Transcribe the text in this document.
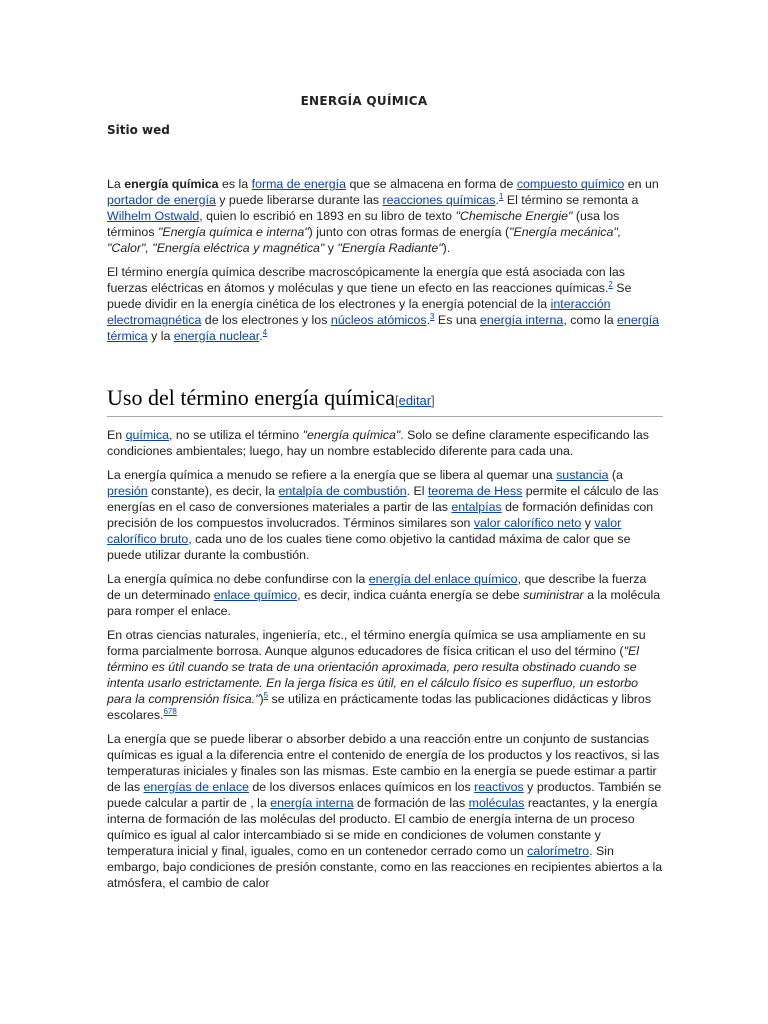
ENERGÍA QUÍMICA
Sitio wed

La energía química es la forma de energía que se almacena en forma de compuesto químico en un portador de energía y puede liberarse durante las reacciones químicas.$^1$ El término se remonta a Wilhelm Ostwald, quien lo escribió en 1893 en su libro de texto "Chemische Energie" (usa los términos "Energía química e interna") junto con otras formas de energía ("Energía mecánica", "Calor", "Energía eléctrica y magnética" y "Energía Radiante").

El término energía química describe macroscópicamente la energía que está asociada con las fuerzas eléctricas en átomos y moléculas y que tiene un efecto en las reacciones químicas.$^2$ Se puede dividir en la energía cinética de los electrones y la energía potencial de la interacción electromagnética de los electrones y los núcleos atómicos.$^3$ Es una energía interna, como la energía térmica y la energía nuclear.$^4$

Uso del término energía química[editar]

En química, no se utiliza el término "energía química". Solo se define claramente especificando las condiciones ambientales; luego, hay un nombre establecido diferente para cada una.

La energía química a menudo se refiere a la energía que se libera al quemar una sustancia (a presión constante), es decir, la entalpía de combustión. El teorema de Hess permite el cálculo de las energías en el caso de conversiones materiales a partir de las entalpías de formación definidas con precisión de los compuestos involucrados. Términos similares son valor calorífico neto y valor calorífico bruto, cada uno de los cuales tiene como objetivo la cantidad máxima de calor que se puede utilizar durante la combustión.

La energía química no debe confundirse con la energía del enlace químico, que describe la fuerza de un determinado enlace químico, es decir, indica cuánta energía se debe suministrar a la molécula para romper el enlace.

En otras ciencias naturales, ingeniería, etc., el término energía química se usa ampliamente en su forma parcialmente borrosa. Aunque algunos educadores de física critican el uso del término ("El término es útil cuando se trata de una orientación aproximada, pero resulta obstinado cuando se intenta usarlo estrictamente. En la jerga física es útil, en el cálculo físico es superfluo, un estorbo para la comprensión física.")$^5$ se utiliza en prácticamente todas las publicaciones didácticas y libros escolares.$^{678}$

La energía que se puede liberar o absorber debido a una reacción entre un conjunto de sustancias químicas es igual a la diferencia entre el contenido de energía de los productos y los reactivos, si las temperaturas iniciales y finales son las mismas. Este cambio en la energía se puede estimar a partir de las energías de enlace de los diversos enlaces químicos en los reactivos y productos. También se puede calcular a partir de , la energía interna de formación de las moléculas reactantes, y la energía interna de formación de las moléculas del producto. El cambio de energía interna de un proceso químico es igual al calor intercambiado si se mide en condiciones de volumen constante y temperatura inicial y final, iguales, como en un contenedor cerrado como un calorímetro. Sin embargo, bajo condiciones de presión constante, como en las reacciones en recipientes abiertos a la atmósfera, el cambio de calor
